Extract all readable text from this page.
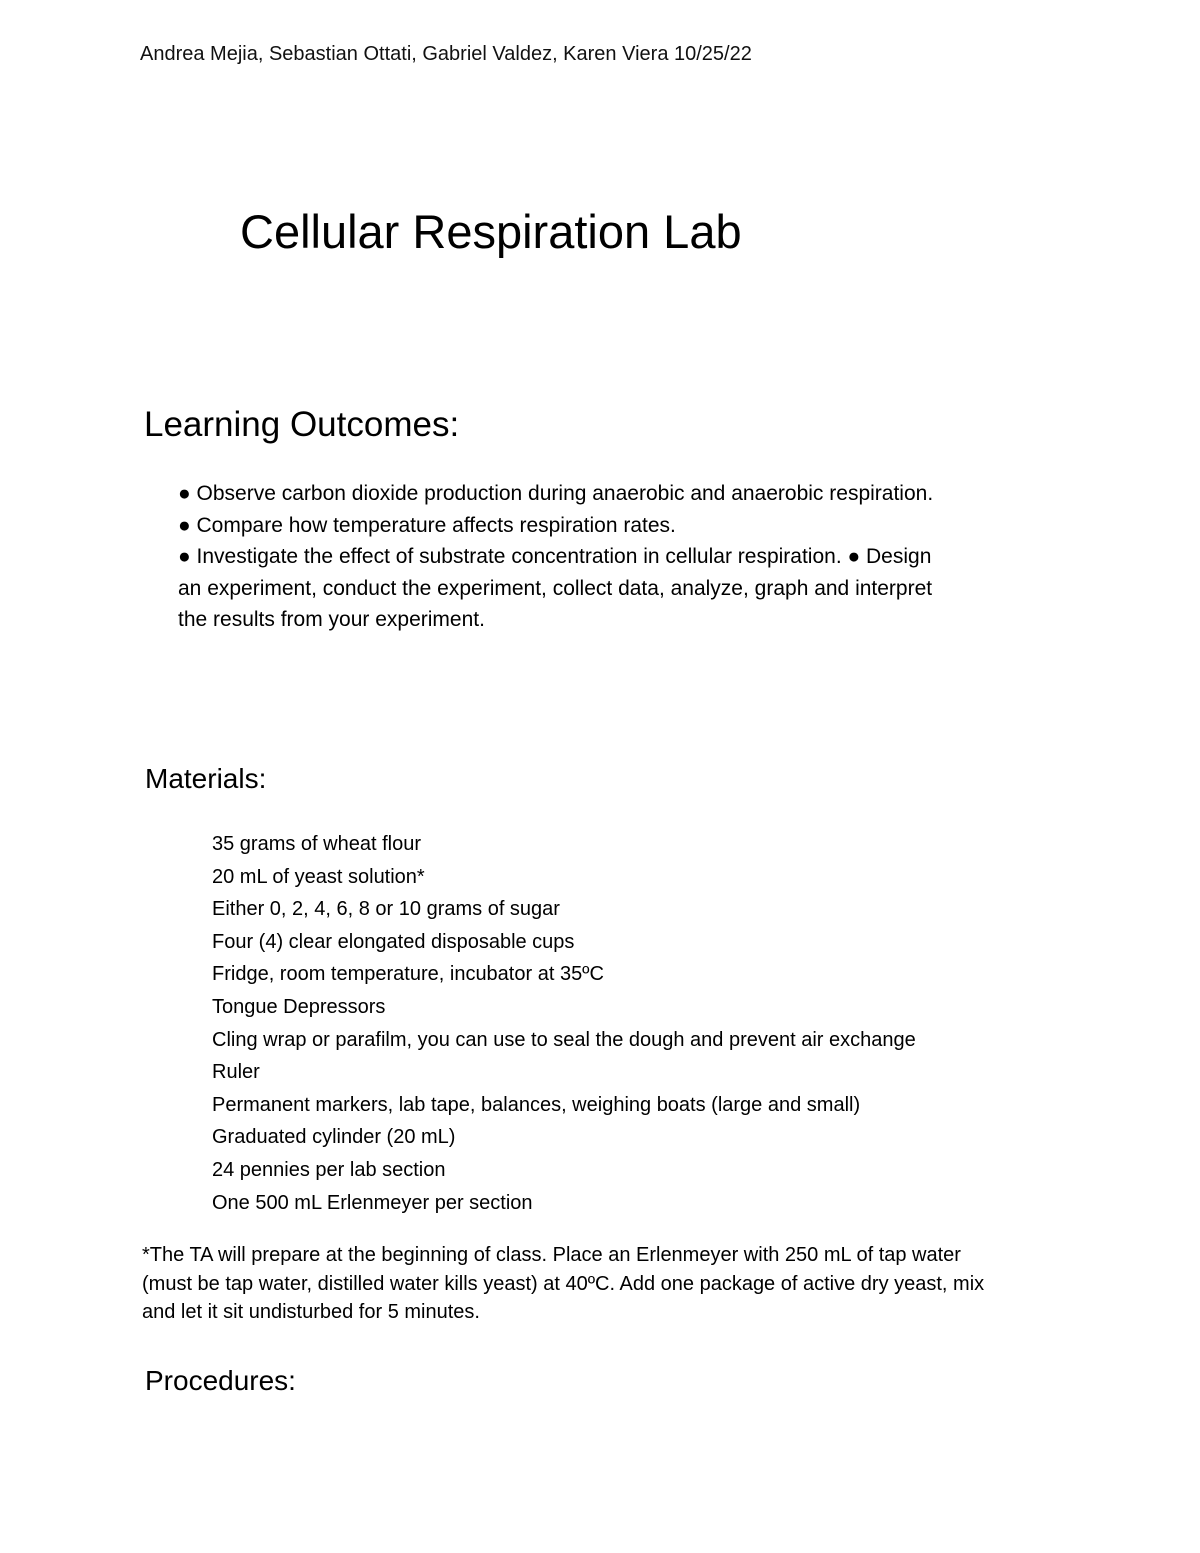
Andrea Mejia, Sebastian Ottati, Gabriel Valdez, Karen Viera 10/25/22
Cellular Respiration Lab
Learning Outcomes:
● Observe carbon dioxide production during anaerobic and anaerobic respiration.
● Compare how temperature affects respiration rates.
● Investigate the effect of substrate concentration in cellular respiration. ● Design
an experiment, conduct the experiment, collect data, analyze, graph and interpret
the results from your experiment.
Materials:
35 grams of wheat flour
20 mL of yeast solution*
Either 0, 2, 4, 6, 8 or 10 grams of sugar
Four (4) clear elongated disposable cups
Fridge, room temperature, incubator at 35ºC
Tongue Depressors
Cling wrap or parafilm, you can use to seal the dough and prevent air exchange
Ruler
Permanent markers, lab tape, balances, weighing boats (large and small)
Graduated cylinder (20 mL)
24 pennies per lab section
One 500 mL Erlenmeyer per section
*The TA will prepare at the beginning of class. Place an Erlenmeyer with 250 mL of tap water
(must be tap water, distilled water kills yeast) at 40ºC. Add one package of active dry yeast, mix
and let it sit undisturbed for 5 minutes.
Procedures:
